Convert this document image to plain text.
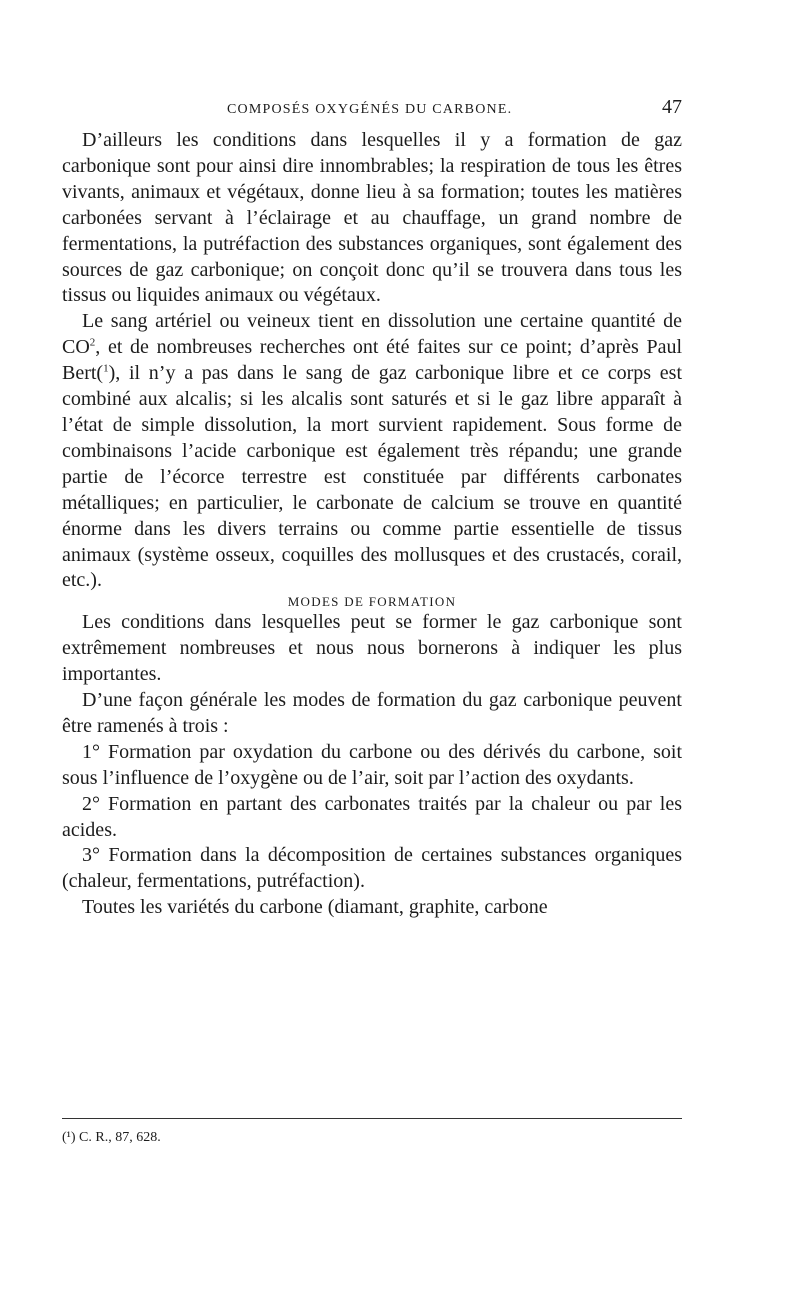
COMPOSÉS OXYGÉNÉS DU CARBONE.	47

D’ailleurs les conditions dans lesquelles il y a formation de gaz carbonique sont pour ainsi dire innombrables; la respiration de tous les êtres vivants, animaux et végétaux, donne lieu à sa formation; toutes les matières carbonées servant à l’éclairage et au chauffage, un grand nombre de fermentations, la putréfaction des substances organiques, sont également des sources de gaz carbonique; on conçoit donc qu’il se trouvera dans tous les tissus ou liquides animaux ou végétaux.

Le sang artériel ou veineux tient en dissolution une certaine quantité de $CO^2$, et de nombreuses recherches ont été faites sur ce point; d’après Paul Bert($^1$), il n’y a pas dans le sang de gaz carbonique libre et ce corps est combiné aux alcalis; si les alcalis sont saturés et si le gaz libre apparaît à l’état de simple dissolution, la mort survient rapidement. Sous forme de combinaisons l’acide carbonique est également très répandu; une grande partie de l’écorce terrestre est constituée par différents carbonates métalliques; en particulier, le carbonate de calcium se trouve en quantité énorme dans les divers terrains ou comme partie essentielle de tissus animaux (système osseux, coquilles des mollusques et des crustacés, corail, etc.).

MODES DE FORMATION

Les conditions dans lesquelles peut se former le gaz carbonique sont extrêmement nombreuses et nous nous bornerons à indiquer les plus importantes.

D’une façon générale les modes de formation du gaz carbonique peuvent être ramenés à trois :

1° Formation par oxydation du carbone ou des dérivés du carbone, soit sous l’influence de l’oxygène ou de l’air, soit par l’action des oxydants.

2° Formation en partant des carbonates traités par la chaleur ou par les acides.

3° Formation dans la décomposition de certaines substances organiques (chaleur, fermentations, putréfaction).

Toutes les variétés du carbone (diamant, graphite, carbone

(¹) C. R., 87, 628.
